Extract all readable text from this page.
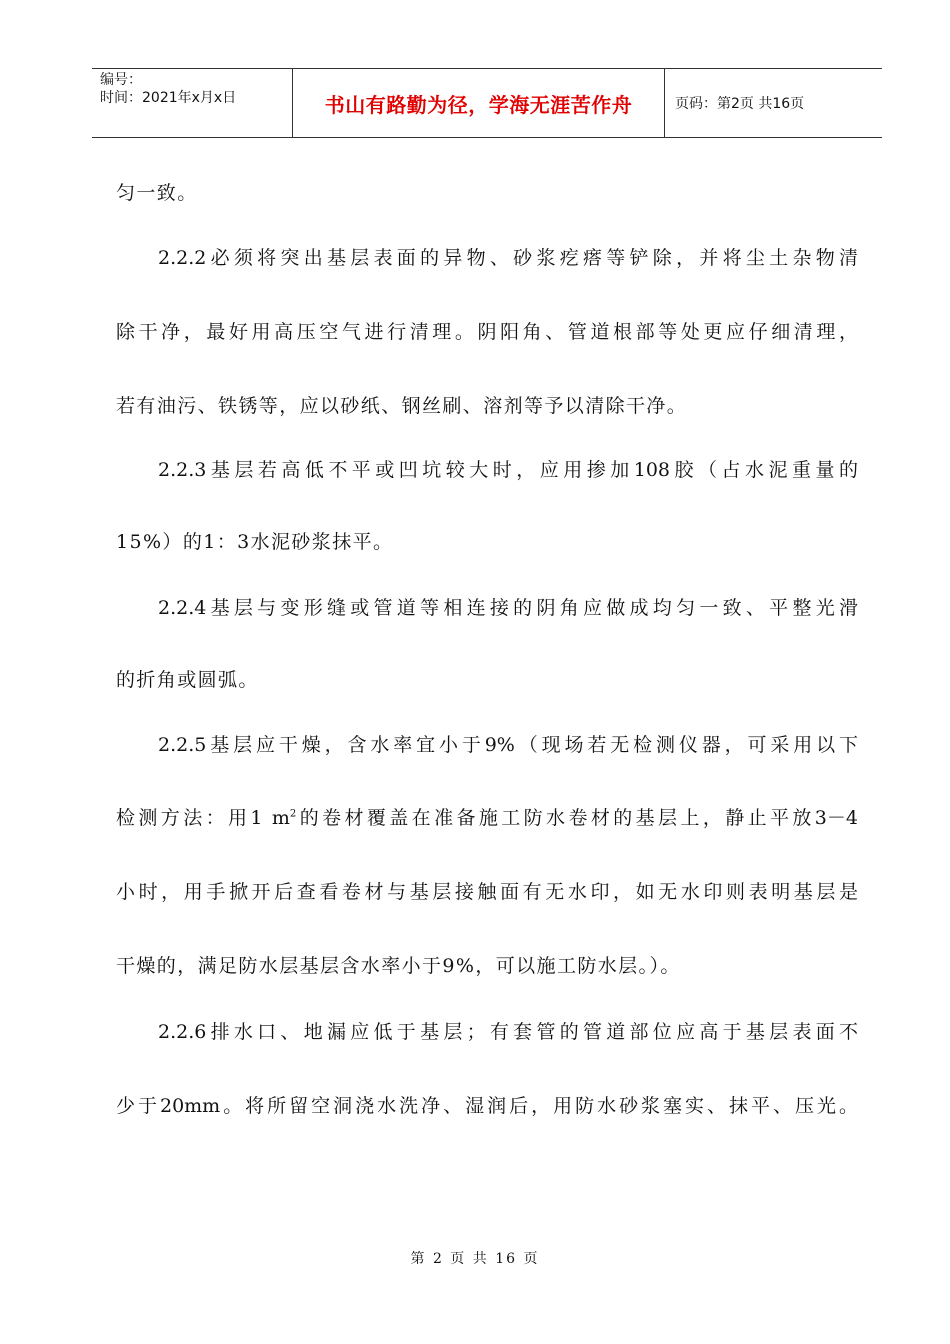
编号：
时间：2021年x月x日	书山有路勤为径，学海无涯苦作舟	页码：第2页 共16页
匀一致。
2.2.2必须将突出基层表面的异物、砂浆疙瘩等铲除，并将尘土杂物清
除干净，最好用高压空气进行清理。阴阳角、管道根部等处更应仔细清理，
若有油污、铁锈等，应以砂纸、钢丝刷、溶剂等予以清除干净。
2.2.3基层若高低不平或凹坑较大时，应用掺加108胶（占水泥重量的
15%）的1：3水泥砂浆抹平。
2.2.4基层与变形缝或管道等相连接的阴角应做成均匀一致、平整光滑
的折角或圆弧。
2.2.5基层应干燥，含水率宜小于9%（现场若无检测仪器，可采用以下
检测方法：用1 $m^2$的卷材覆盖在准备施工防水卷材的基层上，静止平放3－4
小时，用手掀开后查看卷材与基层接触面有无水印，如无水印则表明基层是
干燥的，满足防水层基层含水率小于9%，可以施工防水层。）。
2.2.6排水口、地漏应低于基层；有套管的管道部位应高于基层表面不
少于20mm。将所留空洞浇水洗净、湿润后，用防水砂浆塞实、抹平、压光。
第 2 页 共 16 页
